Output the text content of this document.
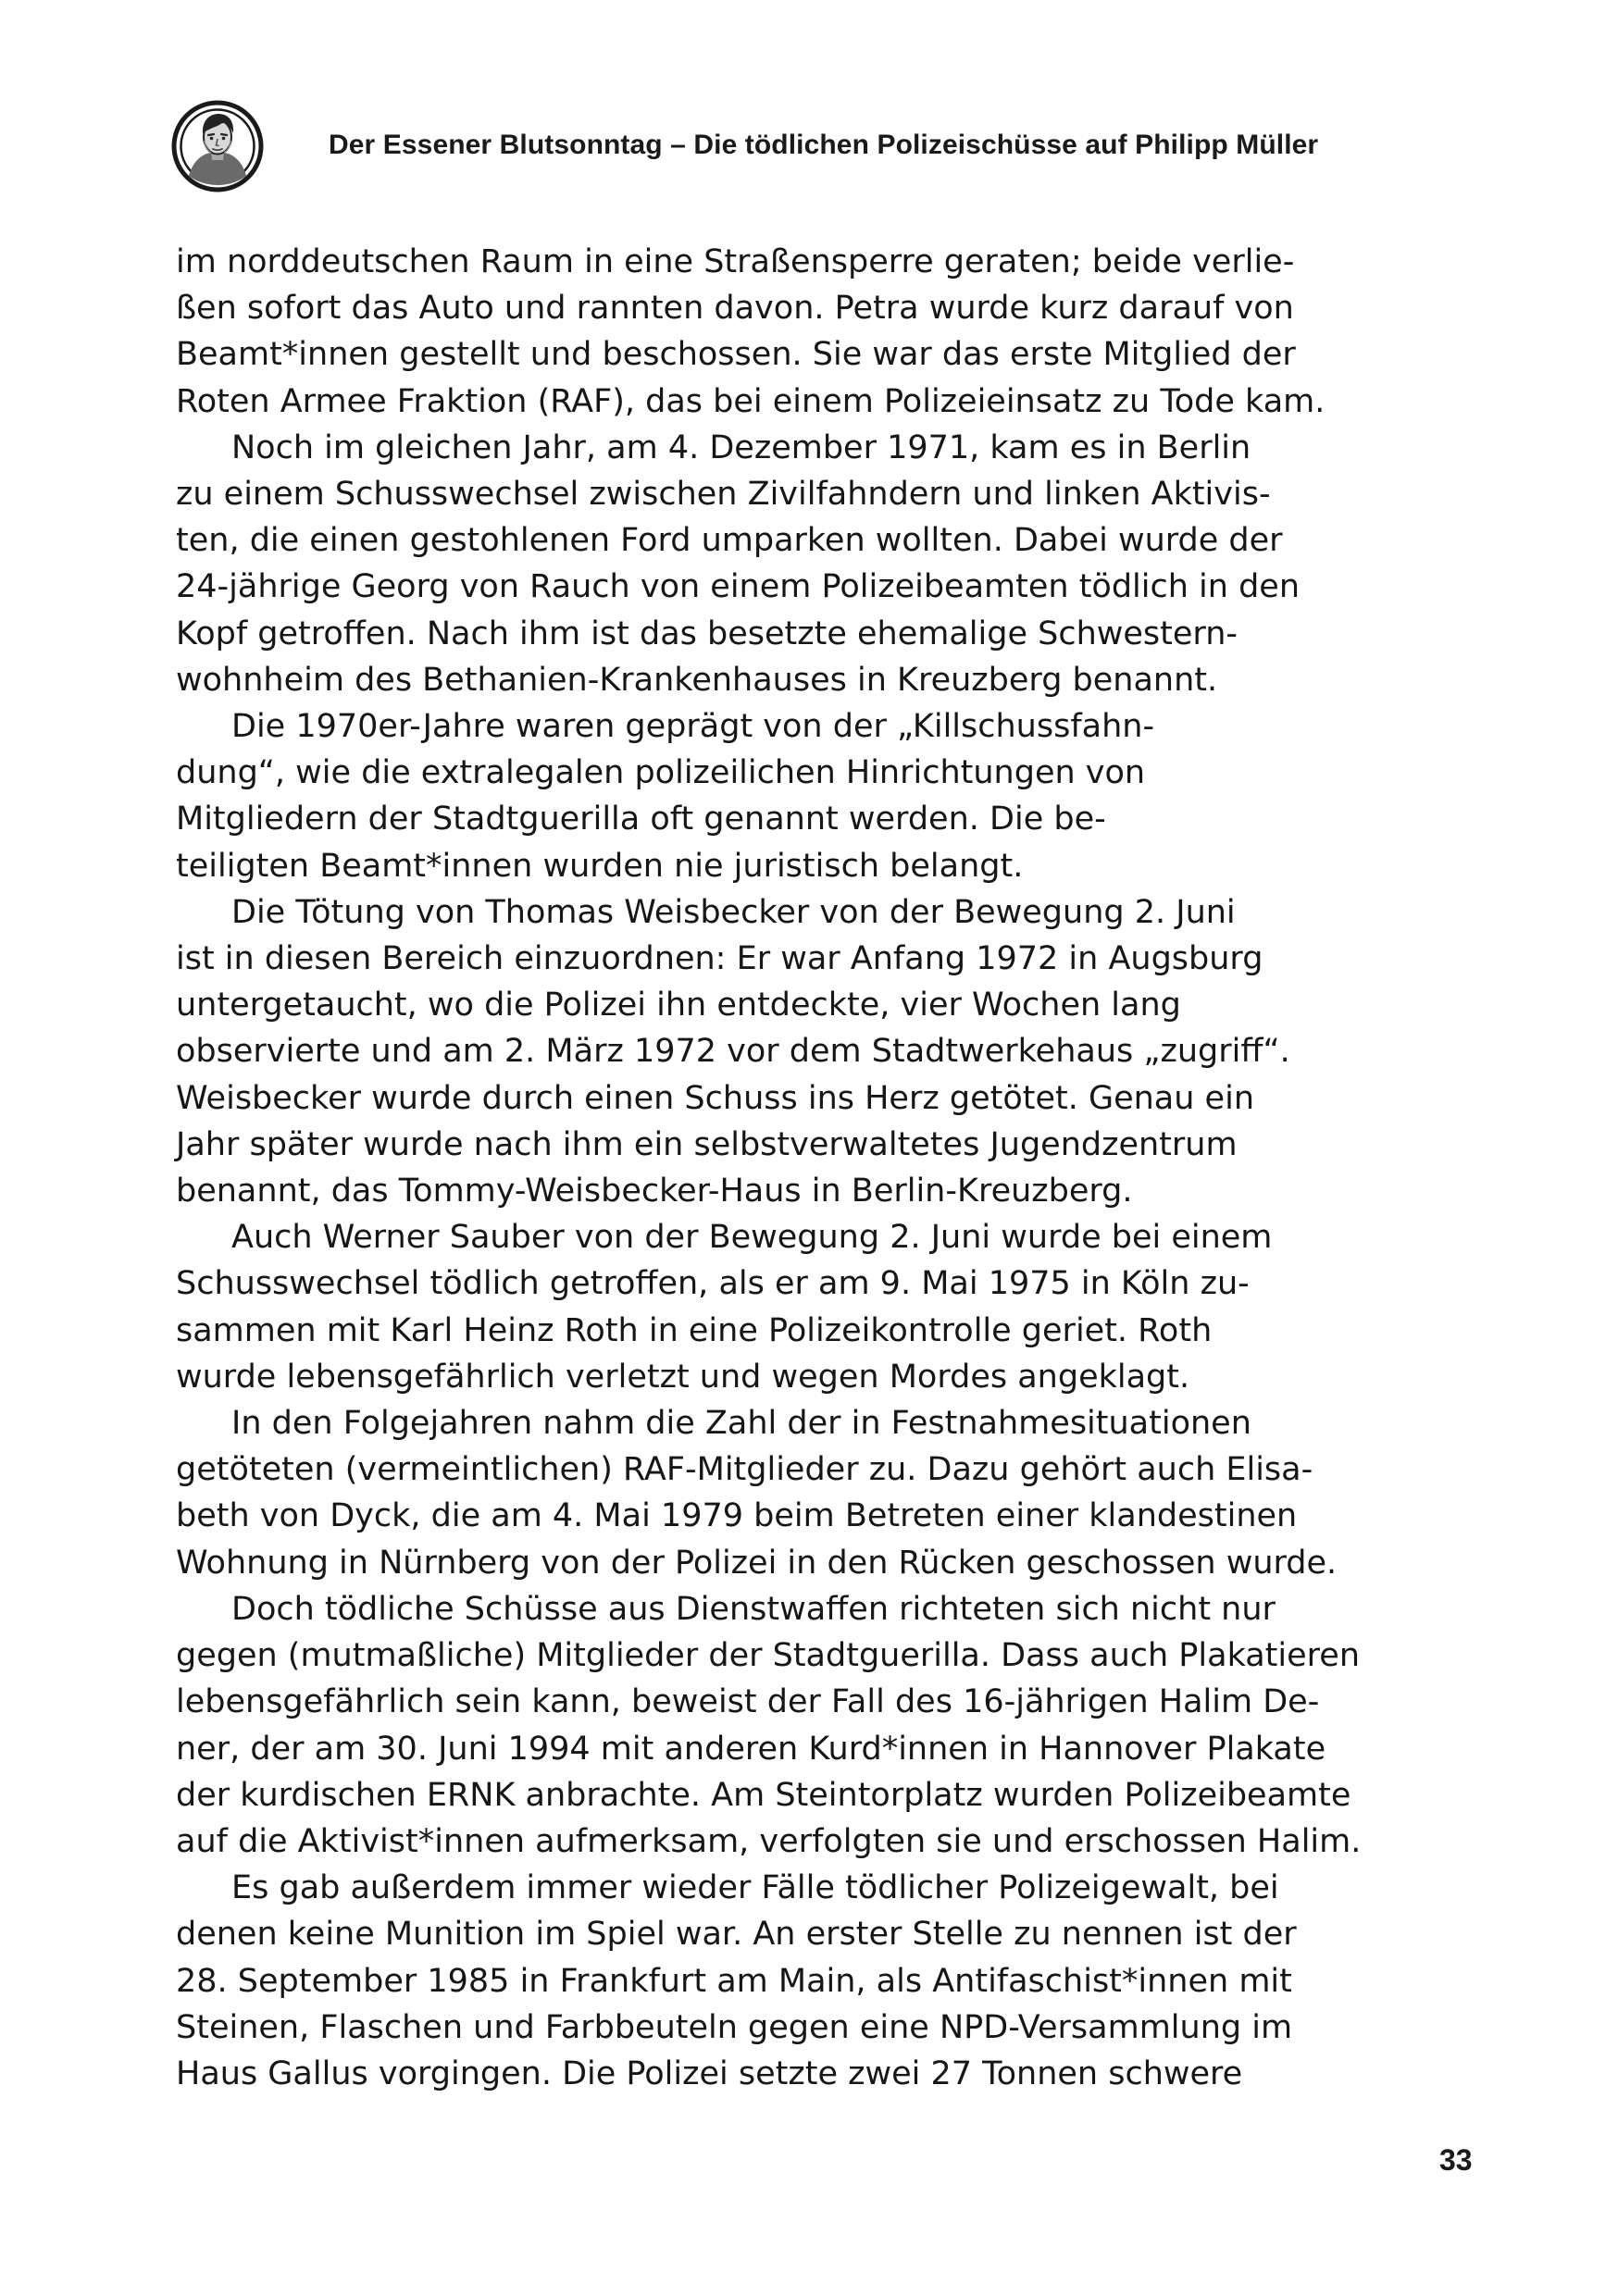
Der Essener Blutsonntag – Die tödlichen Polizeischüsse auf Philipp Müller

im norddeutschen Raum in eine Straßensperre geraten; beide verlie-
ßen sofort das Auto und rannten davon. Petra wurde kurz darauf von
Beamt*innen gestellt und beschossen. Sie war das erste Mitglied der
Roten Armee Fraktion (RAF), das bei einem Polizeieinsatz zu Tode kam.

Noch im gleichen Jahr, am 4. Dezember 1971, kam es in Berlin
zu einem Schusswechsel zwischen Zivilfahndern und linken Aktivis-
ten, die einen gestohlenen Ford umparken wollten. Dabei wurde der
24-jährige Georg von Rauch von einem Polizeibeamten tödlich in den
Kopf getroffen. Nach ihm ist das besetzte ehemalige Schwestern-
wohnheim des Bethanien-Krankenhauses in Kreuzberg benannt.

Die 1970er-Jahre waren geprägt von der „Killschussfahn-
dung“, wie die extralegalen polizeilichen Hinrichtungen von
Mitgliedern der Stadtguerilla oft genannt werden. Die be-
teiligten Beamt*innen wurden nie juristisch belangt.

Die Tötung von Thomas Weisbecker von der Bewegung 2. Juni
ist in diesen Bereich einzuordnen: Er war Anfang 1972 in Augsburg
untergetaucht, wo die Polizei ihn entdeckte, vier Wochen lang
observierte und am 2. März 1972 vor dem Stadtwerkehaus „zugriff“.
Weisbecker wurde durch einen Schuss ins Herz getötet. Genau ein
Jahr später wurde nach ihm ein selbstverwaltetes Jugendzentrum
benannt, das Tommy-Weisbecker-Haus in Berlin-Kreuzberg.

Auch Werner Sauber von der Bewegung 2. Juni wurde bei einem
Schusswechsel tödlich getroffen, als er am 9. Mai 1975 in Köln zu-
sammen mit Karl Heinz Roth in eine Polizeikontrolle geriet. Roth
wurde lebensgefährlich verletzt und wegen Mordes angeklagt.

In den Folgejahren nahm die Zahl der in Festnahmesituationen
getöteten (vermeintlichen) RAF-Mitglieder zu. Dazu gehört auch Elisa-
beth von Dyck, die am 4. Mai 1979 beim Betreten einer klandestinen
Wohnung in Nürnberg von der Polizei in den Rücken geschossen wurde.

Doch tödliche Schüsse aus Dienstwaffen richteten sich nicht nur
gegen (mutmaßliche) Mitglieder der Stadtguerilla. Dass auch Plakatieren
lebensgefährlich sein kann, beweist der Fall des 16-jährigen Halim De-
ner, der am 30. Juni 1994 mit anderen Kurd*innen in Hannover Plakate
der kurdischen ERNK anbrachte. Am Steintorplatz wurden Polizeibeamte
auf die Aktivist*innen aufmerksam, verfolgten sie und erschossen Halim.

Es gab außerdem immer wieder Fälle tödlicher Polizeigewalt, bei
denen keine Munition im Spiel war. An erster Stelle zu nennen ist der
28. September 1985 in Frankfurt am Main, als Antifaschist*innen mit
Steinen, Flaschen und Farbbeuteln gegen eine NPD-Versammlung im
Haus Gallus vorgingen. Die Polizei setzte zwei 27 Tonnen schwere

33
